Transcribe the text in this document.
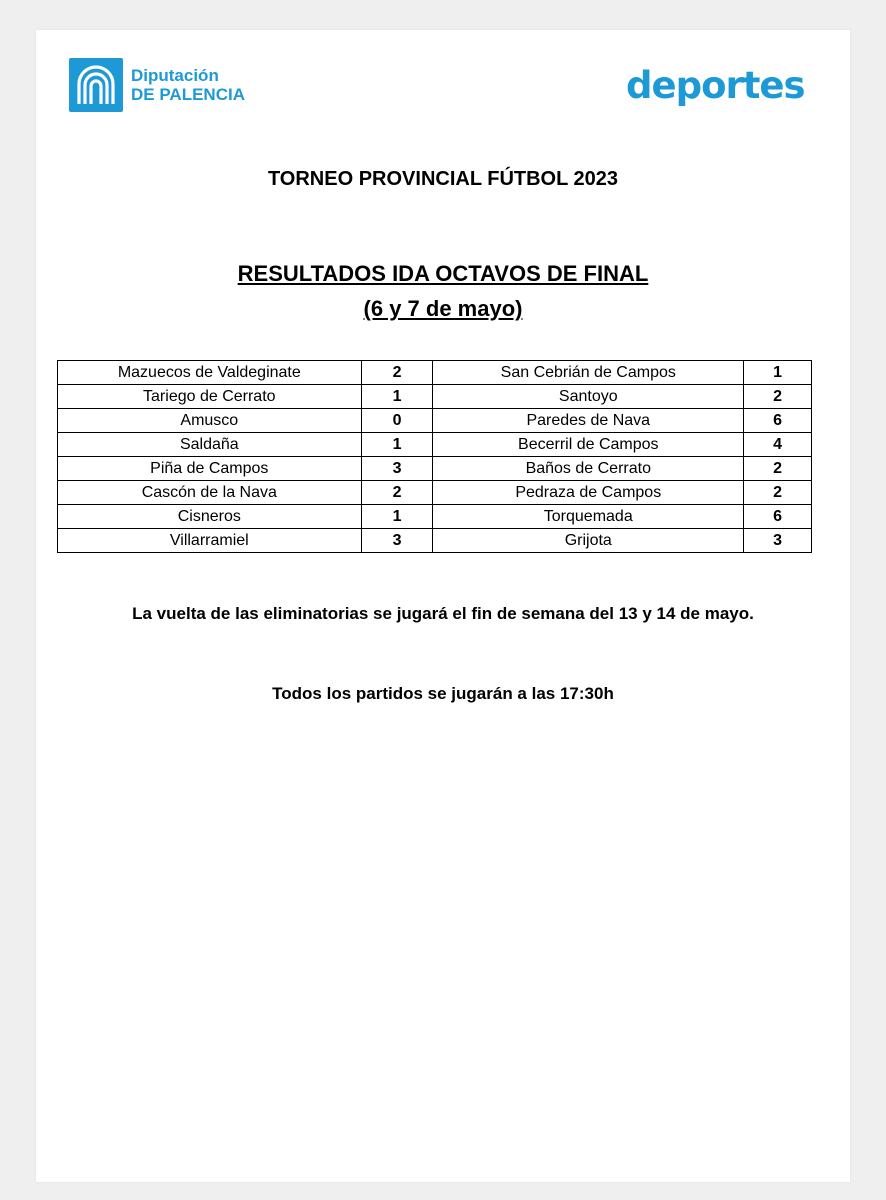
Diputación
DE PALENCIA	deportes
TORNEO PROVINCIAL FÚTBOL 2023
RESULTADOS IDA OCTAVOS DE FINAL
(6 y 7 de mayo)
Mazuecos de Valdeginate	2	San Cebrián de Campos	1
Tariego de Cerrato	1	Santoyo	2
Amusco	0	Paredes de Nava	6
Saldaña	1	Becerril de Campos	4
Piña de Campos	3	Baños de Cerrato	2
Cascón de la Nava	2	Pedraza de Campos	2
Cisneros	1	Torquemada	6
Villarramiel	3	Grijota	3
La vuelta de las eliminatorias se jugará el fin de semana del 13 y 14 de mayo.
Todos los partidos se jugarán a las 17:30h
